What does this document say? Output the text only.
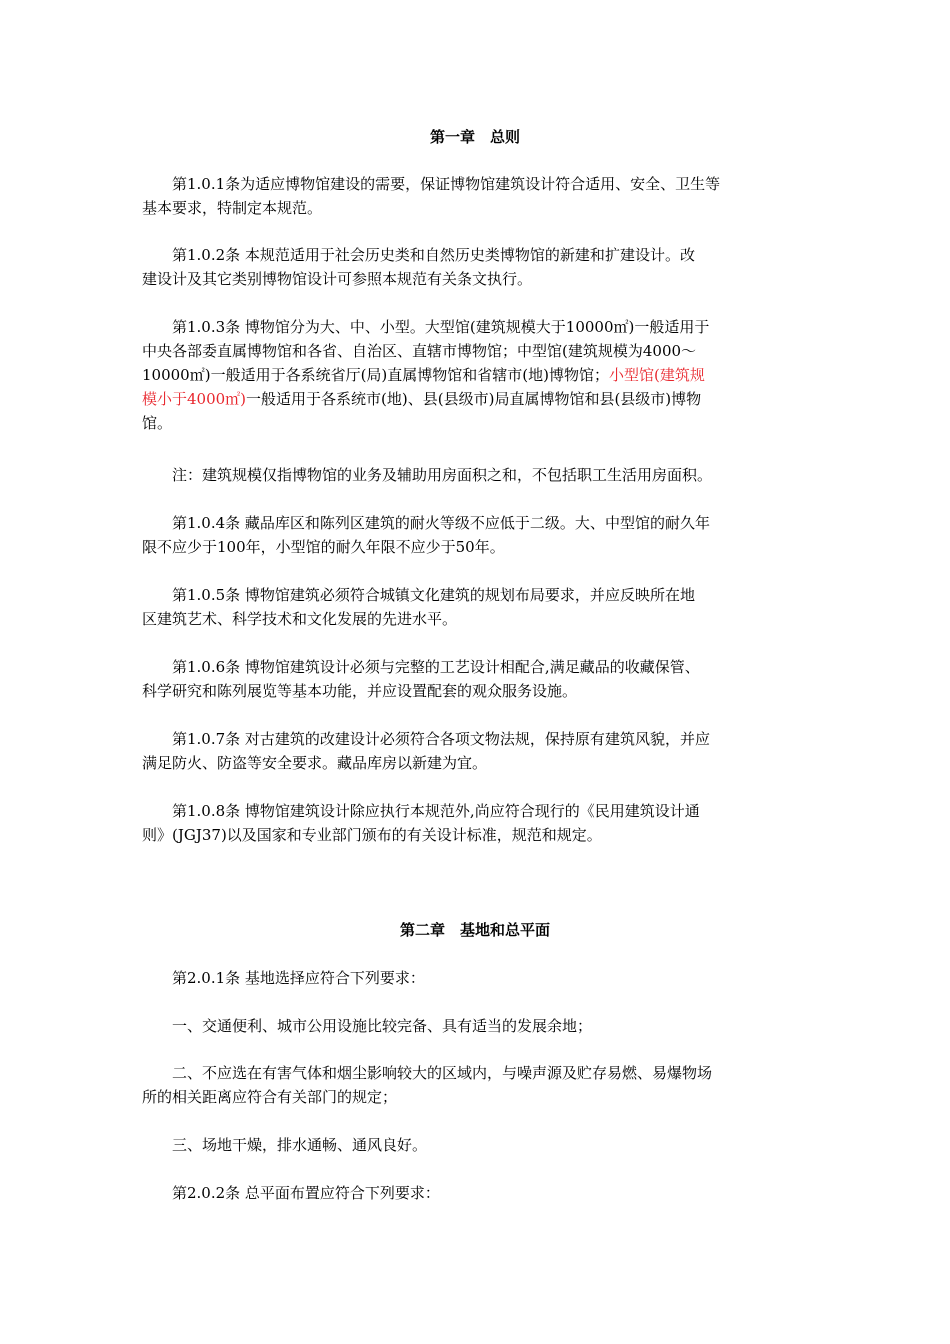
第一章　总则
　　第1.0.1条为适应博物馆建设的需要，保证博物馆建筑设计符合适用、安全、卫生等
基本要求，特制定本规范。
　　第1.0.2条 本规范适用于社会历史类和自然历史类博物馆的新建和扩建设计。改
建设计及其它类别博物馆设计可参照本规范有关条文执行。
　　第1.0.3条 博物馆分为大、中、小型。大型馆(建筑规模大于10000㎡)一般适用于
中央各部委直属博物馆和各省、自治区、直辖市博物馆；中型馆(建筑规模为4000～
10000㎡)一般适用于各系统省厅(局)直属博物馆和省辖市(地)博物馆；小型馆(建筑规
模小于4000㎡)一般适用于各系统市(地)、县(县级市)局直属博物馆和县(县级市)博物
馆。
　　注：建筑规模仅指博物馆的业务及辅助用房面积之和，不包括职工生活用房面积。
　　第1.0.4条 藏品库区和陈列区建筑的耐火等级不应低于二级。大、中型馆的耐久年
限不应少于100年，小型馆的耐久年限不应少于50年。
　　第1.0.5条 博物馆建筑必须符合城镇文化建筑的规划布局要求，并应反映所在地
区建筑艺术、科学技术和文化发展的先进水平。
　　第1.0.6条 博物馆建筑设计必须与完整的工艺设计相配合,满足藏品的收藏保管、
科学研究和陈列展览等基本功能，并应设置配套的观众服务设施。
　　第1.0.7条 对古建筑的改建设计必须符合各项文物法规，保持原有建筑风貌，并应
满足防火、防盗等安全要求。藏品库房以新建为宜。
　　第1.0.8条 博物馆建筑设计除应执行本规范外,尚应符合现行的《民用建筑设计通
则》(JGJ37)以及国家和专业部门颁布的有关设计标准，规范和规定。
第二章　基地和总平面
　　第2.0.1条 基地选择应符合下列要求：
　　一、交通便利、城市公用设施比较完备、具有适当的发展余地；
　　二、不应选在有害气体和烟尘影响较大的区域内，与噪声源及贮存易燃、易爆物场
所的相关距离应符合有关部门的规定；
　　三、场地干燥，排水通畅、通风良好。
　　第2.0.2条 总平面布置应符合下列要求：
